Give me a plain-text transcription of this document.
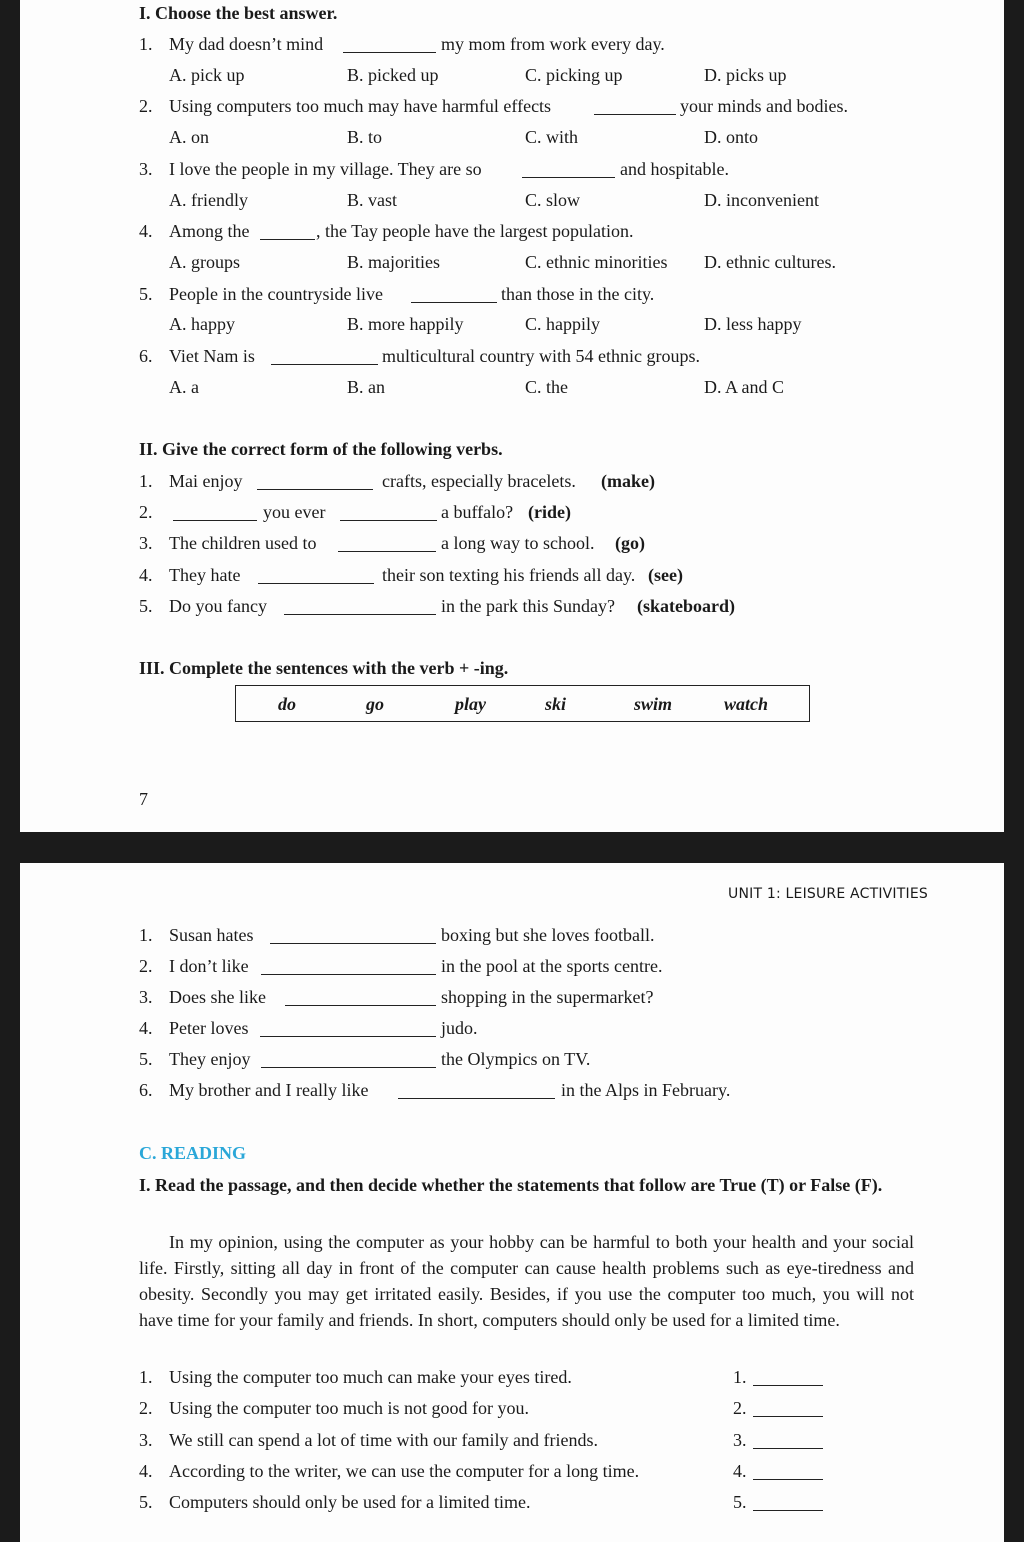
I. Choose the best answer.
1. My dad doesn’t mind	my mom from work every day.
A. pick up	B. picked up	C. picking up	D. picks up
2. Using computers too much may have harmful effects	your minds and bodies.
A. on	B. to	C. with	D. onto
3. I love the people in my village. They are so	and hospitable.
A. friendly	B. vast	C. slow	D. inconvenient
4. Among the	, the Tay people have the largest population.
A. groups	B. majorities	C. ethnic minorities D. ethnic cultures.
5. People in the countryside live	than those in the city.
A. happy	B. more happily	C. happily	D. less happy
6. Viet Nam is	multicultural country with 54 ethnic groups.
A. a	B. an	C. the	D. A and C
II. Give the correct form of the following verbs.
1. Mai enjoy	crafts, especially bracelets. (make)
2.	you ever	a buffalo? (ride)
3. The children used to	a long way to school. (go)
4. They hate	their son texting his friends all day. (see)
5. Do you fancy	in the park this Sunday? (skateboard)
III. Complete the sentences with the verb + -ing.
do	go	play	ski	swim	watch
7
UNIT 1: LEISURE ACTIVITIES
1. Susan hates	boxing but she loves football.
2. I don’t like	in the pool at the sports centre.
3. Does she like	shopping in the supermarket?
4. Peter loves	judo.
5. They enjoy	the Olympics on TV.
6. My brother and I really like	in the Alps in February.
C. READING
I. Read the passage, and then decide whether the statements that follow are True (T) or False (F).
In my opinion, using the computer as your hobby can be harmful to both your health and your social life. Firstly, sitting all day in front of the computer can cause health problems such as eye-tiredness and obesity. Secondly you may get irritated easily. Besides, if you use the computer too much, you will not have time for your family and friends. In short, computers should only be used for a limited time.
1. Using the computer too much can make your eyes tired.	1.
2. Using the computer too much is not good for you.	2.
3. We still can spend a lot of time with our family and friends.	3.
4. According to the writer, we can use the computer for a long time.	4.
5. Computers should only be used for a limited time.	5.
